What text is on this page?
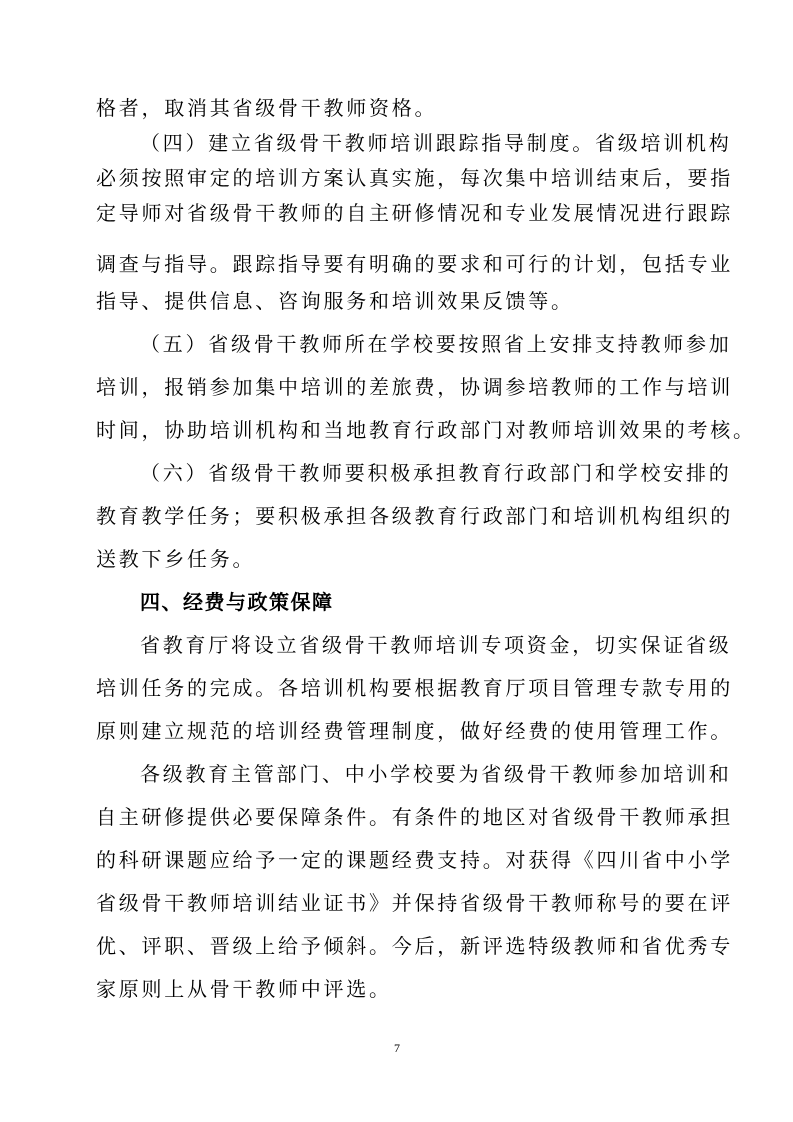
格者，取消其省级骨干教师资格。
（四）建立省级骨干教师培训跟踪指导制度。省级培训机构
必须按照审定的培训方案认真实施，每次集中培训结束后，要指
定导师对省级骨干教师的自主研修情况和专业发展情况进行跟踪
调查与指导。跟踪指导要有明确的要求和可行的计划，包括专业
指导、提供信息、咨询服务和培训效果反馈等。
（五）省级骨干教师所在学校要按照省上安排支持教师参加
培训，报销参加集中培训的差旅费，协调参培教师的工作与培训
时间，协助培训机构和当地教育行政部门对教师培训效果的考核。
（六）省级骨干教师要积极承担教育行政部门和学校安排的
教育教学任务；要积极承担各级教育行政部门和培训机构组织的
送教下乡任务。
四、经费与政策保障
省教育厅将设立省级骨干教师培训专项资金，切实保证省级
培训任务的完成。各培训机构要根据教育厅项目管理专款专用的
原则建立规范的培训经费管理制度，做好经费的使用管理工作。
各级教育主管部门、中小学校要为省级骨干教师参加培训和
自主研修提供必要保障条件。有条件的地区对省级骨干教师承担
的科研课题应给予一定的课题经费支持。对获得《四川省中小学
省级骨干教师培训结业证书》并保持省级骨干教师称号的要在评
优、评职、晋级上给予倾斜。今后，新评选特级教师和省优秀专
家原则上从骨干教师中评选。
7
